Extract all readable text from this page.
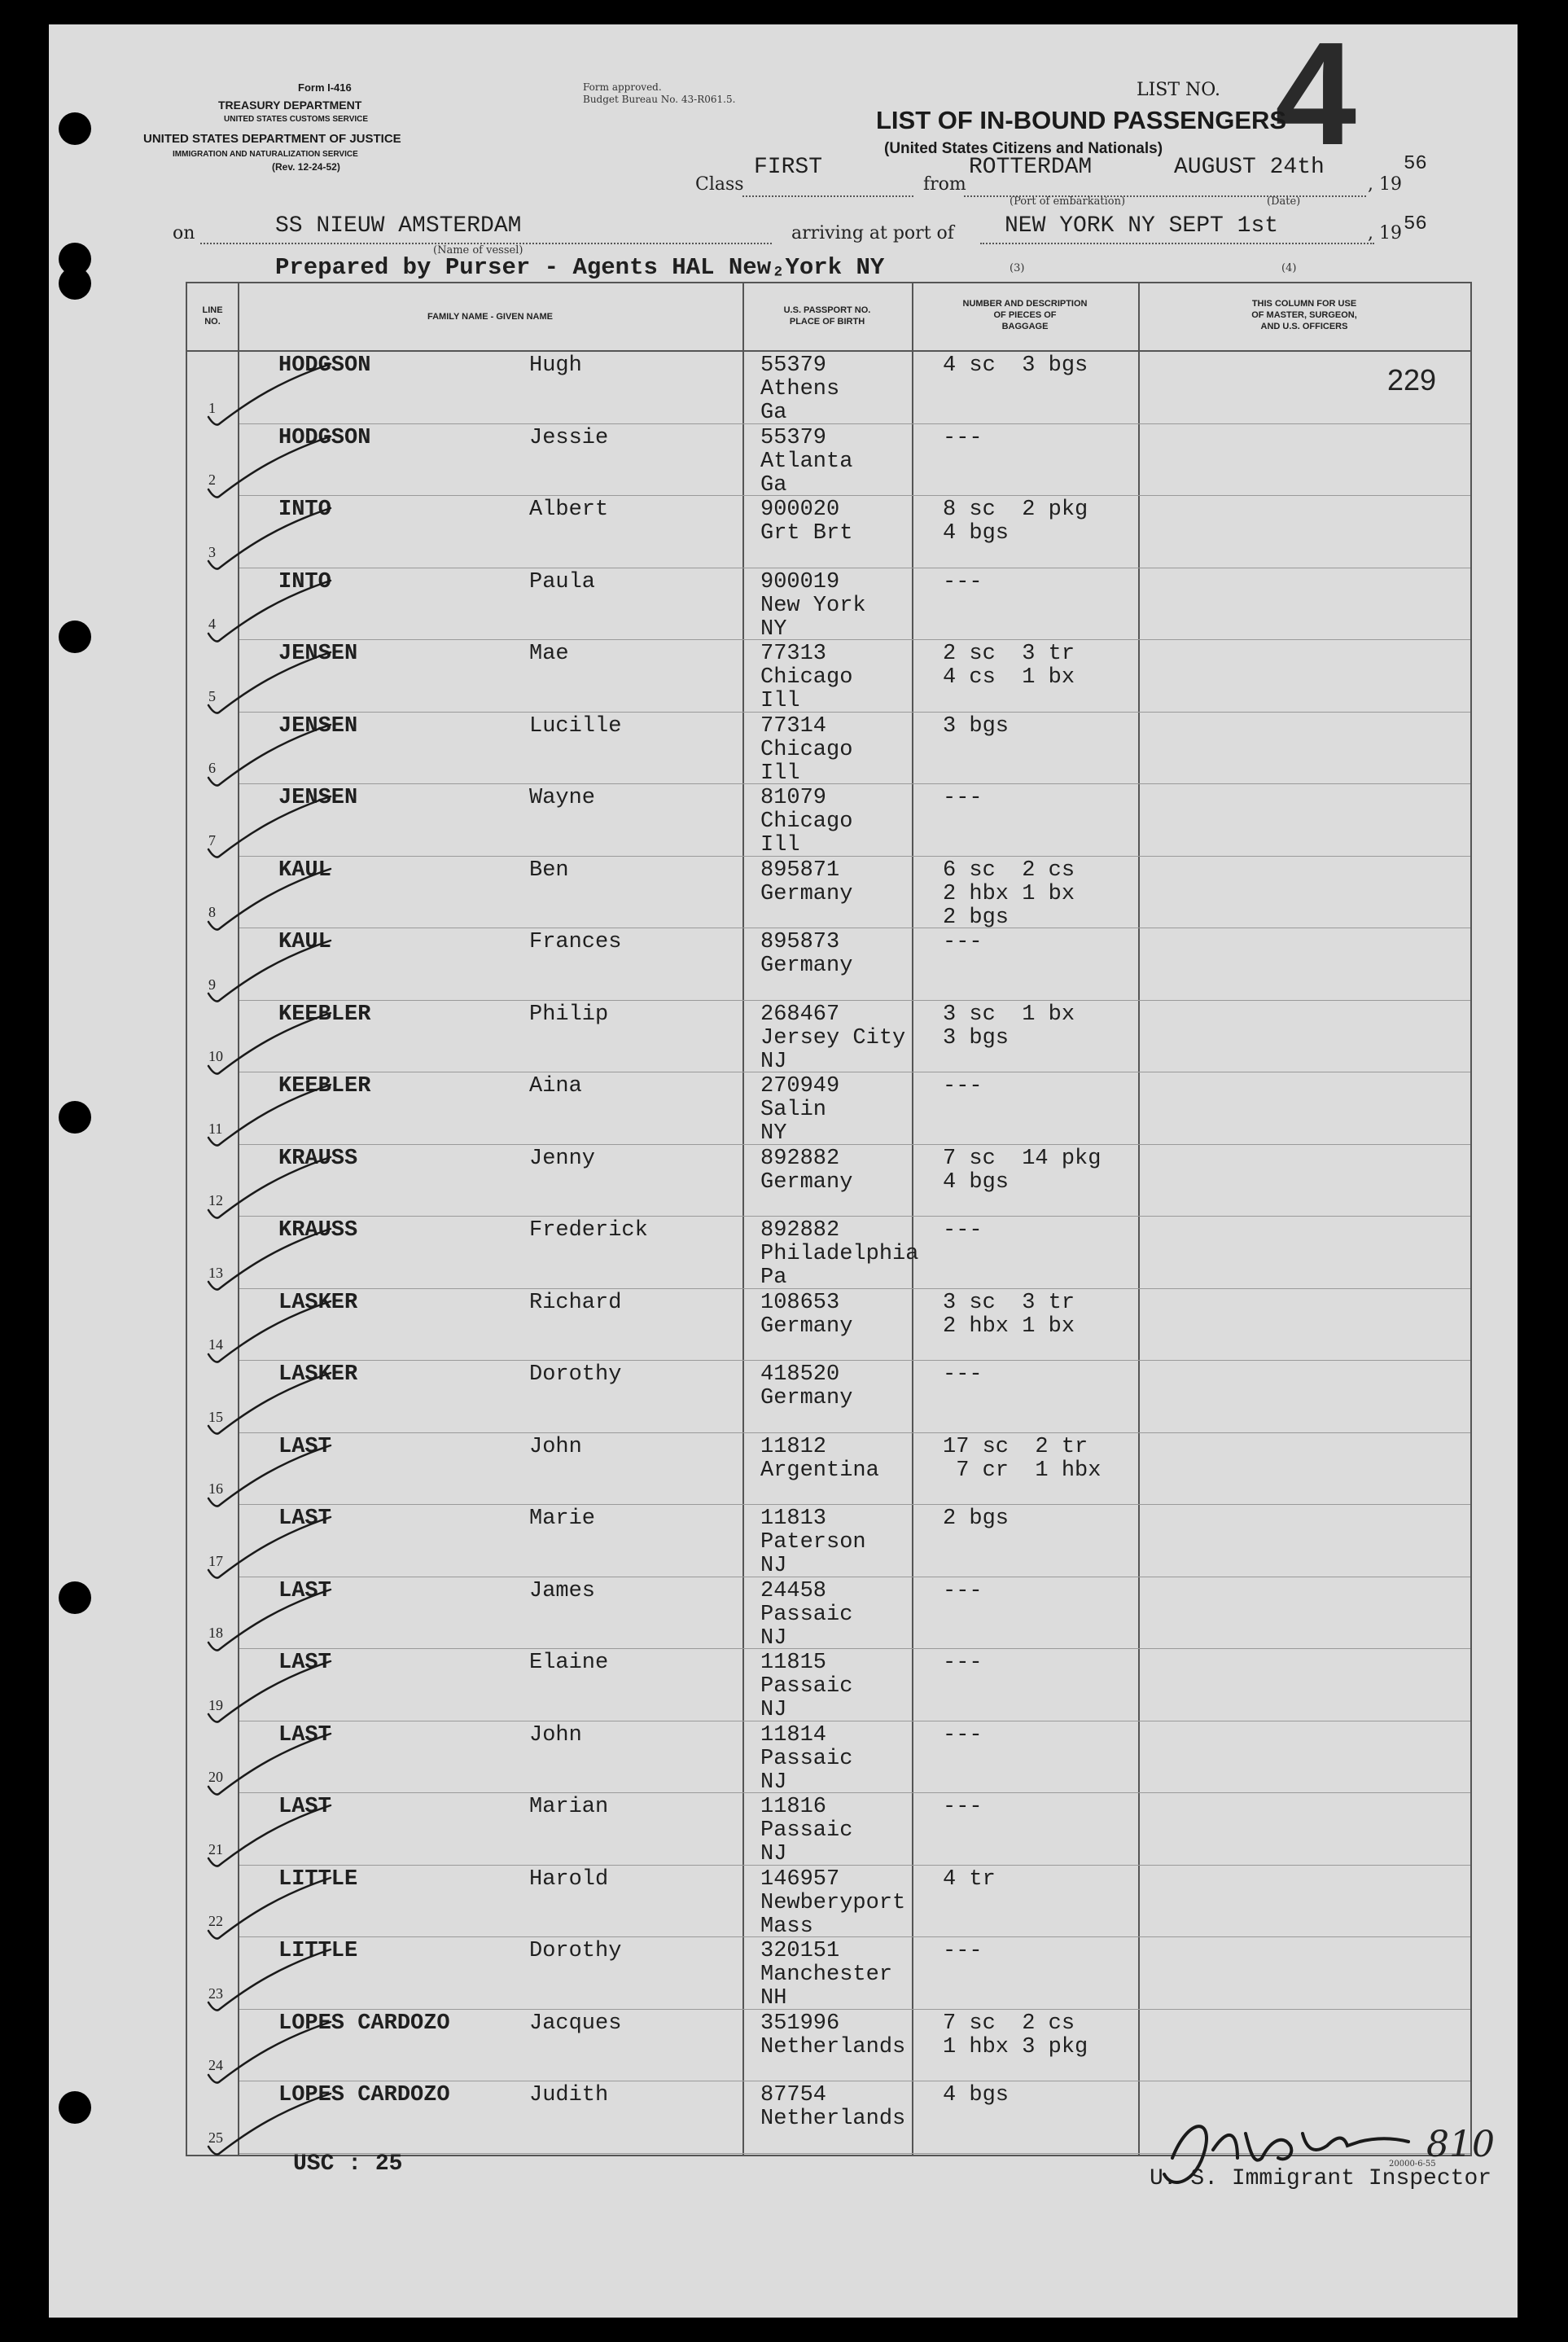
Form I-416
TREASURY DEPARTMENT
UNITED STATES CUSTOMS SERVICE
UNITED STATES DEPARTMENT OF JUSTICE
IMMIGRATION AND NATURALIZATION SERVICE
(Rev. 12-24-52)
Form approved.
Budget Bureau No. 43-R061.5.	LIST NO. 4
LIST OF IN-BOUND PASSENGERS
(United States Citizens and Nationals)
Class
FIRST
from
ROTTERDAM	AUGUST 24th
, 19
56
(Port of embarkation)	(Date)
on	SS NIEUW AMSTERDAM
(Name of vessel)
arriving at port of NEW YORK NY SEPT 1st	, 19 56
Prepared by Purser - Agents HAL New₂York NY	(3)	(4)
LINE
NO.	FAMILY NAME - GIVEN NAME
U.S. PASSPORT NO.
PLACE OF BIRTH
NUMBER AND DESCRIPTION
OF PIECES OF
BAGGAGE
THIS COLUMN FOR USE
OF MASTER, SURGEON,
AND U.S. OFFICERS
229
1
HODGSON	Hugh	55379
Athens
Ga
4 sc  3 bgs
2
HODGSON	Jessie	55379
Atlanta
Ga
---
3
INTO	Albert	900020
Grt Brt
8 sc  2 pkg
4 bgs
4
INTO	Paula	900019
New York
NY
---
5
JENSEN	Mae	77313
Chicago
Ill
2 sc  3 tr
4 cs  1 bx
6
JENSEN	Lucille	77314
Chicago
Ill
3 bgs
7
JENSEN	Wayne	81079
Chicago
Ill
---
8
KAUL	Ben	895871
Germany
6 sc  2 cs
2 hbx 1 bx
2 bgs
9
KAUL	Frances	895873
Germany
---
10
KEEBLER	Philip	268467
Jersey City
NJ
3 sc  1 bx
3 bgs
11
KEEBLER	Aina	270949
Salin
NY
---
12
KRAUSS	Jenny	892882
Germany
7 sc  14 pkg
4 bgs
13
KRAUSS	Frederick	892882
Philadelphia
Pa
---
14
LASKER	Richard	108653
Germany
3 sc  3 tr
2 hbx 1 bx
15
LASKER	Dorothy	418520
Germany
---
16
LAST	John	11812
Argentina
17 sc  2 tr
7 cr  1 hbx
17
LAST	Marie	11813
Paterson
NJ
2 bgs
18
LAST	James	24458
Passaic
NJ
---
19
LAST	Elaine	11815
Passaic
NJ
---
20
LAST	John	11814
Passaic
NJ
---
21
LAST	Marian	11816
Passaic
NJ
---
22
LITTLE	Harold	146957
Newberyport
Mass
4 tr
23
LITTLE	Dorothy	320151
Manchester
NH
---
24
LOPES CARDOZO	Jacques	351996
Netherlands
7 sc  2 cs
1 hbx 3 pkg
25
LOPES CARDOZO	Judith	87754
Netherlands
4 bgs
USC : 25	20000-6-55
U. S. Immigrant Inspector
810
